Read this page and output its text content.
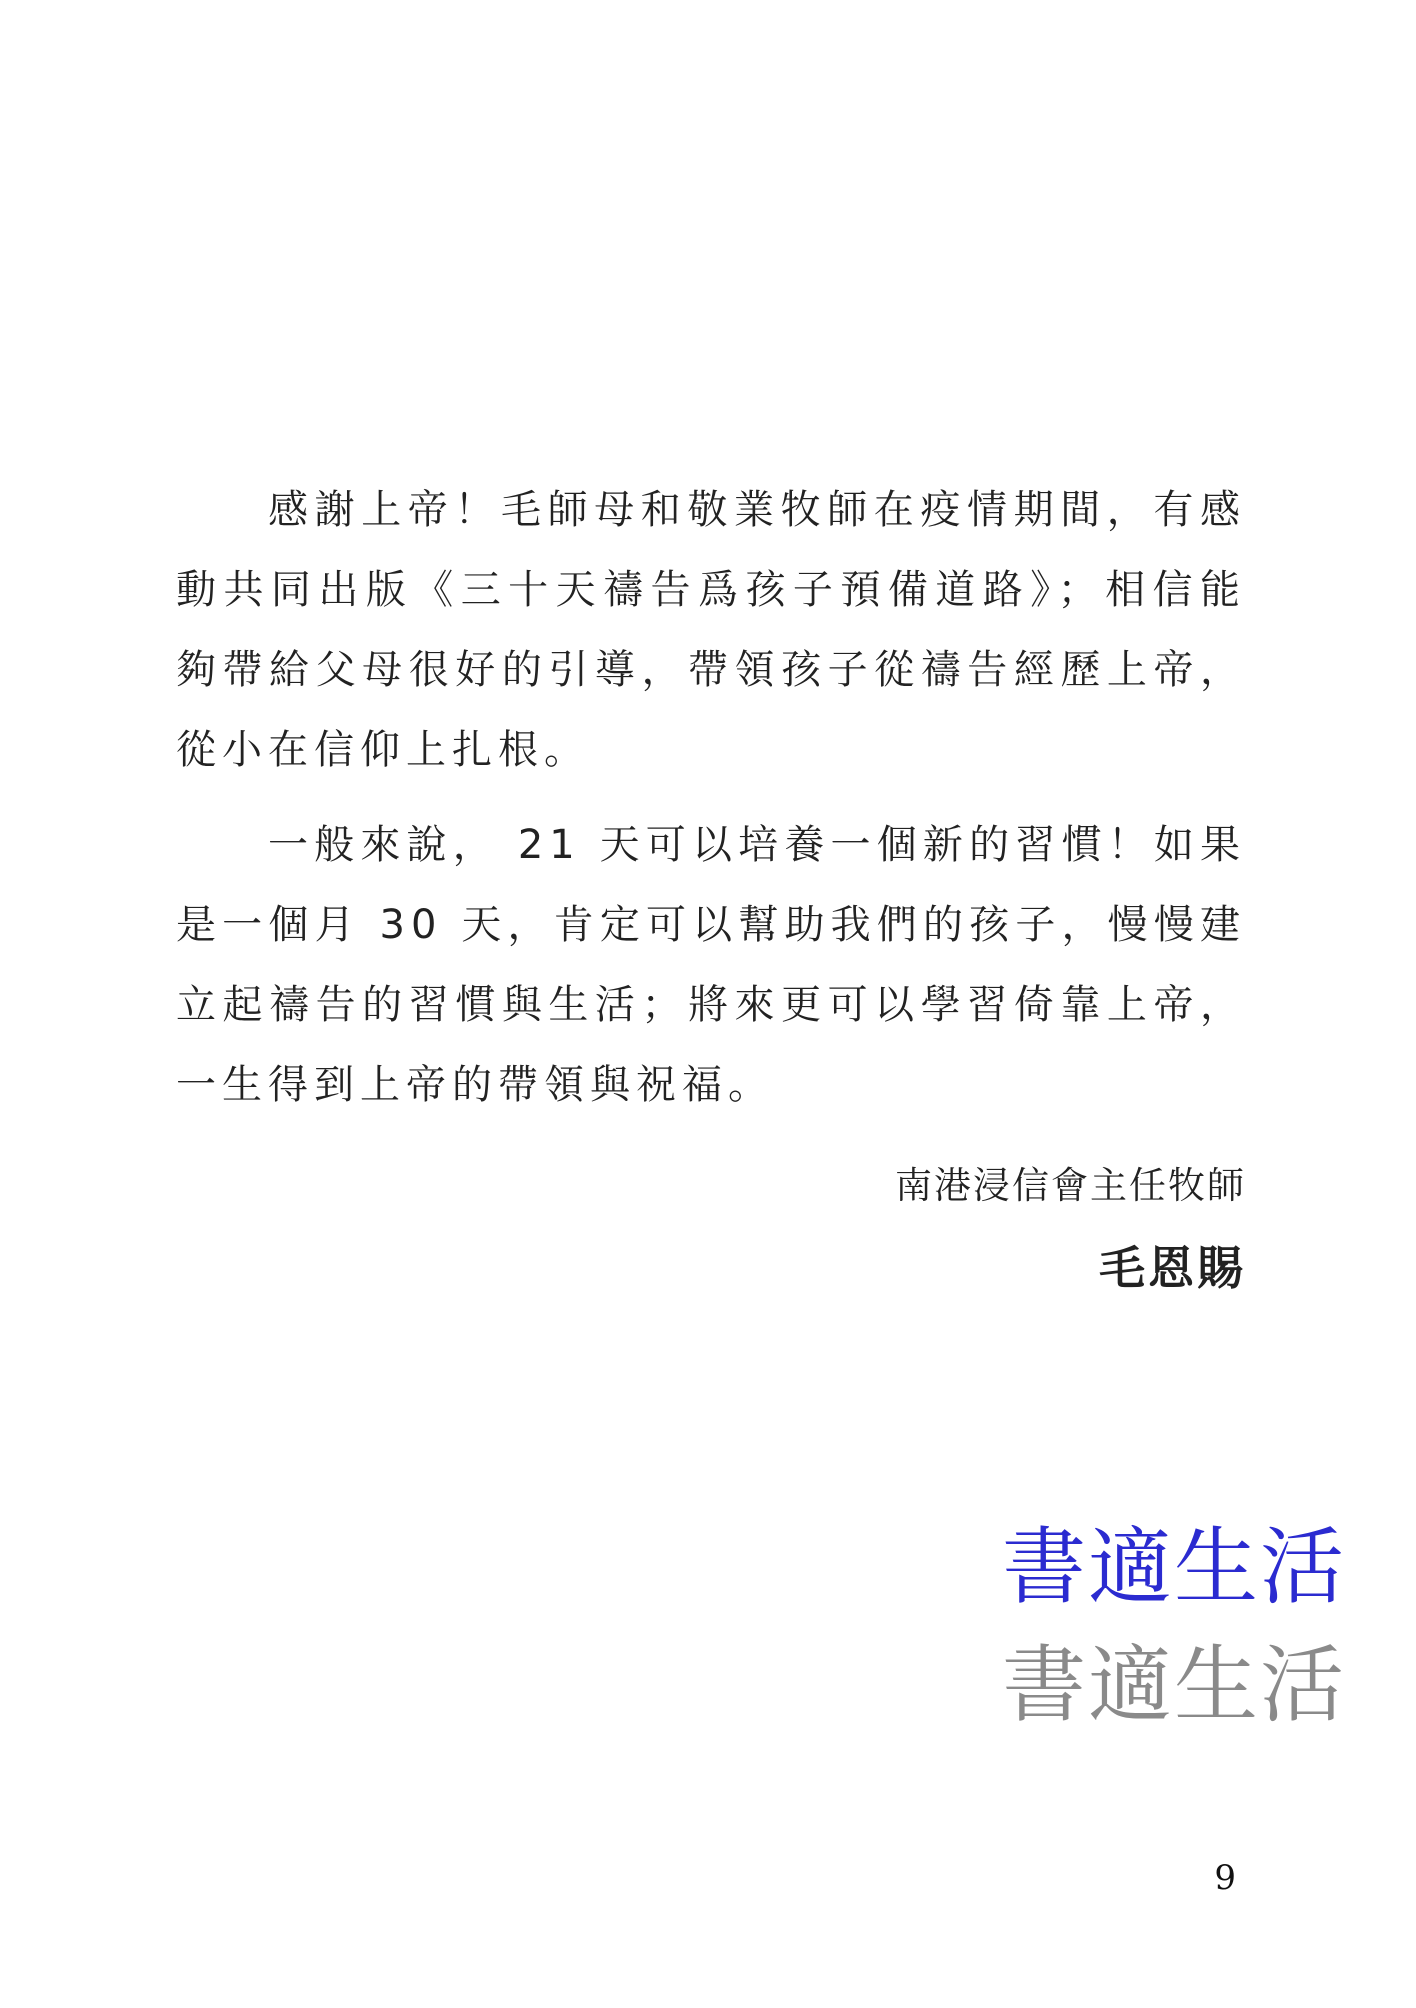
感謝上帝！毛師母和敬業牧師在疫情期間，有感動共同出版《三十天禱告爲孩子預備道路》；相信能夠帶給父母很好的引導，帶領孩子從禱告經歷上帝，從小在信仰上扎根。

一般來說， 21 天可以培養一個新的習慣！如果是一個月 30 天，肯定可以幫助我們的孩子，慢慢建立起禱告的習慣與生活；將來更可以學習倚靠上帝，一生得到上帝的帶領與祝福。

南港浸信會主任牧師
毛恩賜
書適生活
書適生活
9
